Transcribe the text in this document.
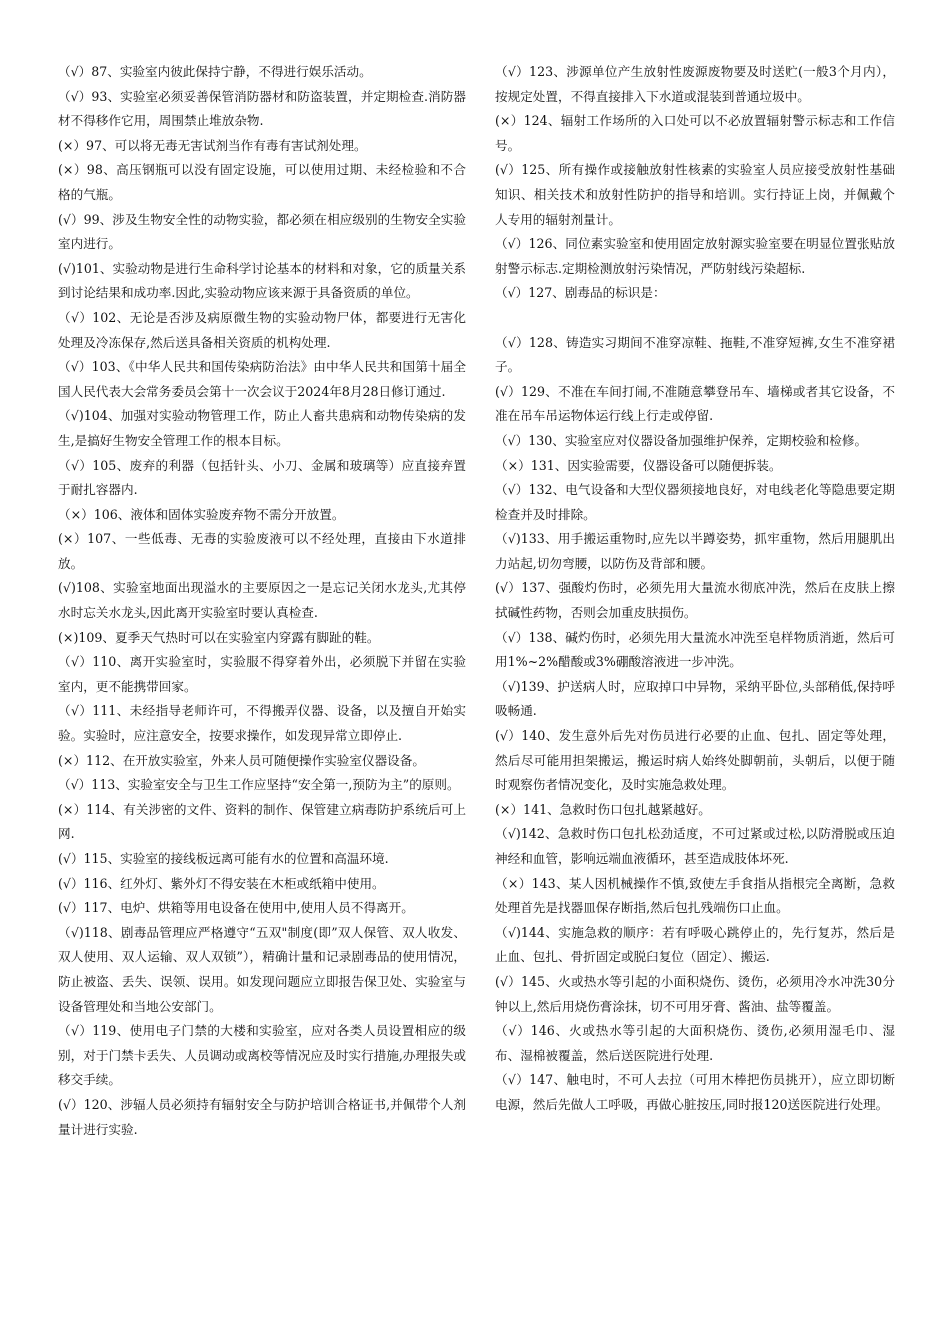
（√）87、实验室内彼此保持宁静，不得进行娱乐活动。

（√）93、实验室必须妥善保管消防器材和防盗装置，并定期检查.消防器材不得移作它用，周围禁止堆放杂物.

(×）97、可以将无毒无害试剂当作有毒有害试剂处理。

(×）98、高压钢瓶可以没有固定设施，可以使用过期、未经检验和不合格的气瓶。

(√）99、涉及生物安全性的动物实验，都必须在相应级别的生物安全实验室内进行。

(√)101、实验动物是进行生命科学讨论基本的材料和对象，它的质量关系到讨论结果和成功率.因此,实验动物应该来源于具备资质的单位。

（√）102、无论是否涉及病原微生物的实验动物尸体，都要进行无害化处理及冷冻保存,然后送具备相关资质的机构处理.

（√）103、《中华人民共和国传染病防治法》由中华人民共和国第十届全国人民代表大会常务委员会第十一次会议于2024年8月28日修订通过.

（√)104、加强对实验动物管理工作，防止人畜共患病和动物传染病的发生,是搞好生物安全管理工作的根本目标。

（√）105、废弃的利器（包括针头、小刀、金属和玻璃等）应直接弃置于耐扎容器内.

（×）106、液体和固体实验废弃物不需分开放置。

(×）107、一些低毒、无毒的实验废液可以不经处理，直接由下水道排放。

(√)108、实验室地面出现溢水的主要原因之一是忘记关闭水龙头,尤其停水时忘关水龙头,因此离开实验室时要认真检查.

(×)109、夏季天气热时可以在实验室内穿露有脚趾的鞋。

（√）110、离开实验室时，实验服不得穿着外出，必须脱下并留在实验室内，更不能携带回家。

（√）111、未经指导老师许可，不得搬弄仪器、设备，以及擅自开始实验。实验时，应注意安全，按要求操作，如发现异常立即停止.

(×）112、在开放实验室，外来人员可随便操作实验室仪器设备。

（√）113、实验室安全与卫生工作应坚持“安全第一,预防为主”的原则。

(×）114、有关涉密的文件、资料的制作、保管建立病毒防护系统后可上网.

(√）115、实验室的接线板远离可能有水的位置和高温环境.

(√）116、红外灯、紫外灯不得安装在木柜或纸箱中使用。

(√）117、电炉、烘箱等用电设备在使用中,使用人员不得离开。

（√)118、剧毒品管理应严格遵守“五双"制度(即”双人保管、双人收发、双人使用、双人运输、双人双锁”），精确计量和记录剧毒品的使用情况，防止被盗、丢失、误领、误用。如发现问题应立即报告保卫处、实验室与设备管理处和当地公安部门。

（√）119、使用电子门禁的大楼和实验室，应对各类人员设置相应的级别，对于门禁卡丢失、人员调动或离校等情况应及时实行措施,办理报失或移交手续。

(√）120、涉辐人员必须持有辐射安全与防护培训合格证书,并佩带个人剂量计进行实验.

（√）123、涉源单位产生放射性废源废物要及时送贮(一般3个月内），按规定处置，不得直接排入下水道或混装到普通垃圾中。

(×）124、辐射工作场所的入口处可以不必放置辐射警示标志和工作信号。

(√）125、所有操作或接触放射性核素的实验室人员应接受放射性基础知识、相关技术和放射性防护的指导和培训。实行持证上岗，并佩戴个人专用的辐射剂量计。

（√）126、同位素实验室和使用固定放射源实验室要在明显位置张贴放射警示标志.定期检测放射污染情况，严防射线污染超标.

（√）127、剧毒品的标识是：

（√）128、铸造实习期间不准穿凉鞋、拖鞋,不准穿短裤,女生不准穿裙子。

(√）129、不准在车间打闹,不准随意攀登吊车、墙梯或者其它设备，不准在吊车吊运物体运行线上行走或停留.

（√）130、实验室应对仪器设备加强维护保养，定期校验和检修。

（×）131、因实验需要，仪器设备可以随便拆装。

（√）132、电气设备和大型仪器须接地良好，对电线老化等隐患要定期检查并及时排除。

（√)133、用手搬运重物时,应先以半蹲姿势，抓牢重物，然后用腿肌出力站起,切勿弯腰，以防伤及背部和腰。

(√）137、强酸灼伤时，必须先用大量流水彻底冲洗，然后在皮肤上擦拭碱性药物，否则会加重皮肤损伤。

（√）138、碱灼伤时，必须先用大量流水冲洗至皂样物质消逝，然后可用1%~2%醋酸或3%硼酸溶液进一步冲洗。

（√)139、护送病人时，应取掉口中异物，采纳平卧位,头部稍低,保持呼吸畅通.

(√）140、发生意外后先对伤员进行必要的止血、包扎、固定等处理，然后尽可能用担架搬运，搬运时病人始终处脚朝前，头朝后，以便于随时观察伤者情况变化，及时实施急救处理。

(×）141、急救时伤口包扎越紧越好。

（√)142、急救时伤口包扎松劲适度，不可过紧或过松,以防滑脱或压迫神经和血管，影响远端血液循环，甚至造成肢体坏死.

（×）143、某人因机械操作不慎,致使左手食指从指根完全离断，急救处理首先是找器皿保存断指,然后包扎残端伤口止血。

（√)144、实施急救的顺序：若有呼吸心跳停止的，先行复苏，然后是止血、包扎、骨折固定或脱臼复位（固定）、搬运.

(√）145、火或热水等引起的小面积烧伤、烫伤，必须用冷水冲洗30分钟以上,然后用烧伤膏涂抹，切不可用牙膏、酱油、盐等覆盖。

（√）146、火或热水等引起的大面积烧伤、烫伤,必须用湿毛巾、湿布、湿棉被覆盖，然后送医院进行处理.

（√）147、触电时，不可人去拉（可用木棒把伤员挑开），应立即切断电源，然后先做人工呼吸，再做心脏按压,同时报120送医院进行处理。
